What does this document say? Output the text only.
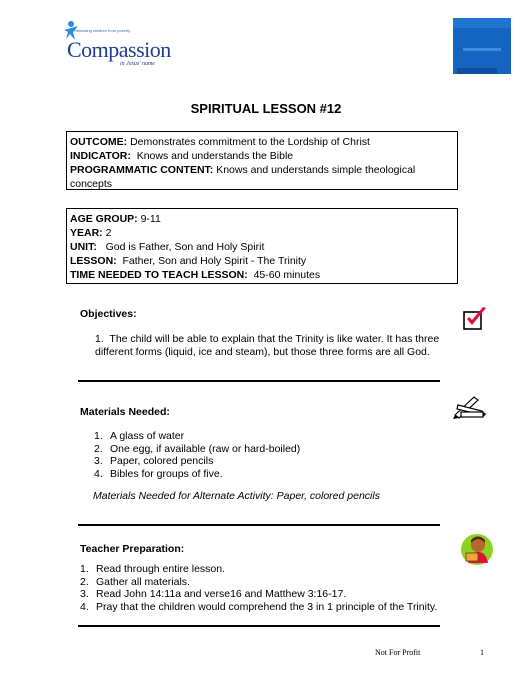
Releasing children from poverty
Compassion
in Jesus' name
SPIRITUAL LESSON #12
OUTCOME: Demonstrates commitment to the Lordship of Christ
INDICATOR: Knows and understands the Bible
PROGRAMMATIC CONTENT: Knows and understands simple theological concepts
AGE GROUP: 9-11
YEAR: 2
UNIT: God is Father, Son and Holy Spirit
LESSON: Father, Son and Holy Spirit - The Trinity
TIME NEEDED TO TEACH LESSON: 45-60 minutes
Objectives:
1. The child will be able to explain that the Trinity is like water. It has three different forms (liquid, ice and steam), but those three forms are all God.
Materials Needed:
1. A glass of water
2. One egg, if available (raw or hard-boiled)
3. Paper, colored pencils
4. Bibles for groups of five.
Materials Needed for Alternate Activity: Paper, colored pencils
Teacher Preparation:
1. Read through entire lesson.
2. Gather all materials.
3. Read John 14:11a and verse16 and Matthew 3:16-17.
4. Pray that the children would comprehend the 3 in 1 principle of the Trinity.
Not For Profit	1
